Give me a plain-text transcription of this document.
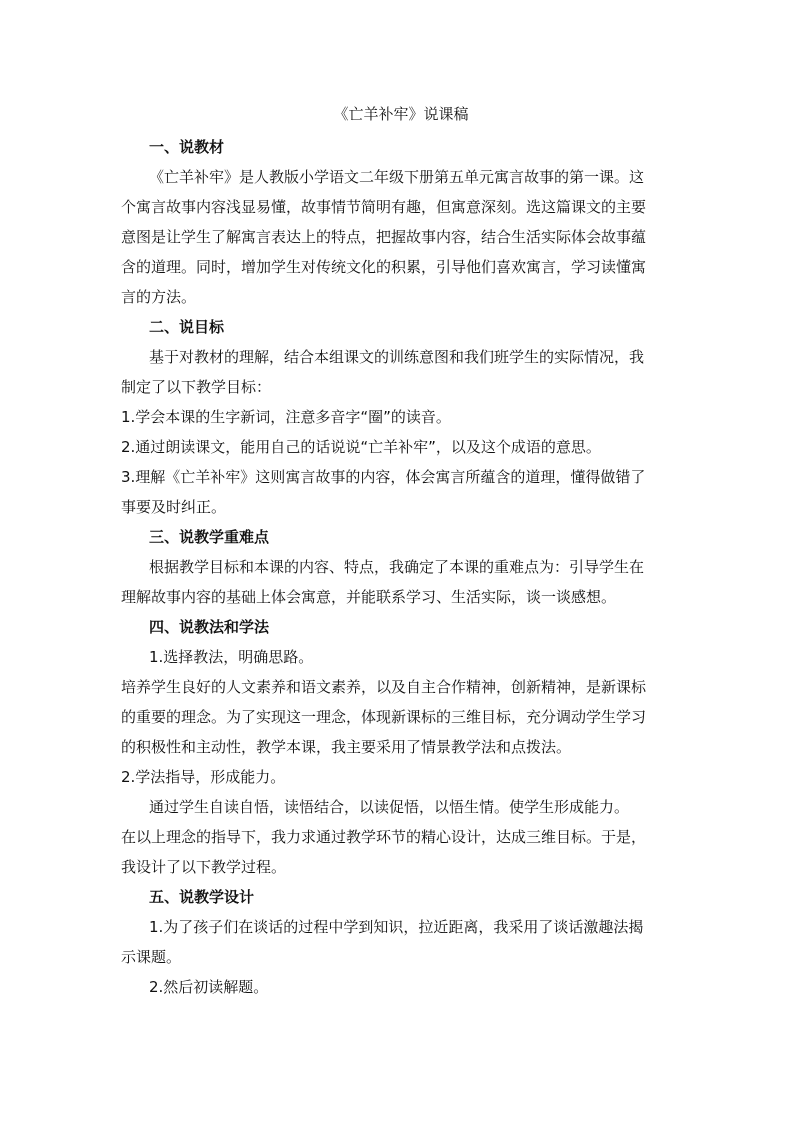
《亡羊补牢》说课稿
一、说教材

《亡羊补牢》是人教版小学语文二年级下册第五单元寓言故事的第一课。这
个寓言故事内容浅显易懂，故事情节简明有趣，但寓意深刻。选这篇课文的主要
意图是让学生了解寓言表达上的特点，把握故事内容，结合生活实际体会故事蕴
含的道理。同时，增加学生对传统文化的积累，引导他们喜欢寓言，学习读懂寓
言的方法。

二、说目标

基于对教材的理解，结合本组课文的训练意图和我们班学生的实际情况，我
制定了以下教学目标：

1.学会本课的生字新词，注意多音字“圈”的读音。

2.通过朗读课文，能用自己的话说说“亡羊补牢”，以及这个成语的意思。

3.理解《亡羊补牢》这则寓言故事的内容，体会寓言所蕴含的道理，懂得做错了
事要及时纠正。

三、说教学重难点

根据教学目标和本课的内容、特点，我确定了本课的重难点为：引导学生在
理解故事内容的基础上体会寓意，并能联系学习、生活实际，谈一谈感想。

四、说教法和学法

1.选择教法，明确思路。

培养学生良好的人文素养和语文素养，以及自主合作精神，创新精神，是新课标
的重要的理念。为了实现这一理念，体现新课标的三维目标，充分调动学生学习
的积极性和主动性，教学本课，我主要采用了情景教学法和点拨法。

2.学法指导，形成能力。

通过学生自读自悟，读悟结合，以读促悟，以悟生情。使学生形成能力。

在以上理念的指导下，我力求通过教学环节的精心设计，达成三维目标。于是，
我设计了以下教学过程。

五、说教学设计

1.为了孩子们在谈话的过程中学到知识，拉近距离，我采用了谈话激趣法揭
示课题。

2.然后初读解题。
